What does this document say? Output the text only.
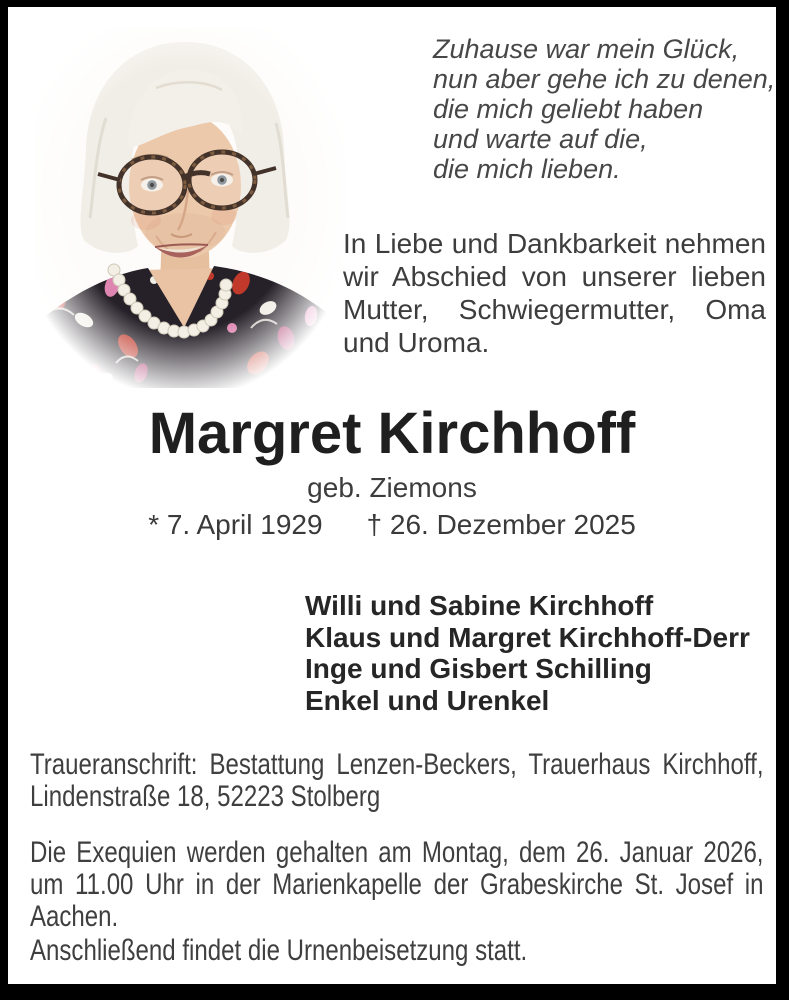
Zuhause war mein Glück,
nun aber gehe ich zu denen,
die mich geliebt haben
und warte auf die,
die mich lieben.
In Liebe und Dankbarkeit nehmen
wir Abschied von unserer lieben
Mutter, Schwiegermutter, Oma
und Uroma.
Margret Kirchhoff
geb. Ziemons
* 7. April 1929 † 26. Dezember 2025
Willi und Sabine Kirchhoff
Klaus und Margret Kirchhoff-Derr
Inge und Gisbert Schilling
Enkel und Urenkel
Traueranschrift: Bestattung Lenzen-Beckers, Trauerhaus Kirchhoff,
Lindenstraße 18, 52223 Stolberg
Die Exequien werden gehalten am Montag, dem 26. Januar 2026,
um 11.00 Uhr in der Marienkapelle der Grabeskirche St. Josef in
Aachen.
Anschließend findet die Urnenbeisetzung statt.
